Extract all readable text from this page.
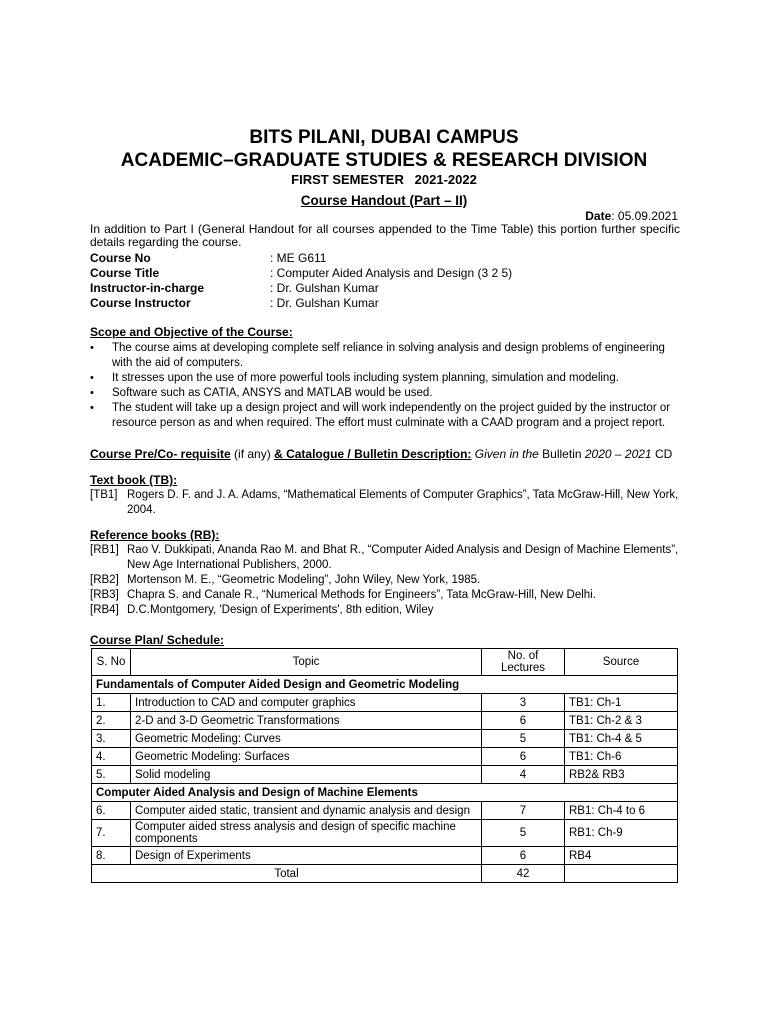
BITS PILANI, DUBAI CAMPUS
ACADEMIC–GRADUATE STUDIES & RESEARCH DIVISION
FIRST SEMESTER   2021-2022
Course Handout (Part – II)
Date: 05.09.2021
In addition to Part I (General Handout for all courses appended to the Time Table) this portion further specific details regarding the course.
Course No	: ME G611
Course Title	: Computer Aided Analysis and Design (3 2 5)
Instructor-in-charge	: Dr. Gulshan Kumar
Course Instructor	: Dr. Gulshan Kumar
Scope and Objective of the Course:
• The course aims at developing complete self reliance in solving analysis and design problems of engineering with the aid of computers.
• It stresses upon the use of more powerful tools including system planning, simulation and modeling.
• Software such as CATIA, ANSYS and MATLAB would be used.
• The student will take up a design project and will work independently on the project guided by the instructor or resource person as and when required. The effort must culminate with a CAAD program and a project report.
Course Pre/Co- requisite (if any) & Catalogue / Bulletin Description: Given in the Bulletin 2020 – 2021 CD
Text book (TB):
[TB1] Rogers D. F. and J. A. Adams, “Mathematical Elements of Computer Graphics”, Tata McGraw-Hill, New York, 2004.
Reference books (RB):
[RB1] Rao V. Dukkipati, Ananda Rao M. and Bhat R., “Computer Aided Analysis and Design of Machine Elements”, New Age International Publishers, 2000.
[RB2] Mortenson M. E., “Geometric Modeling”, John Wiley, New York, 1985.
[RB3] Chapra S. and Canale R., “Numerical Methods for Engineers”, Tata McGraw-Hill, New Delhi.
[RB4] D.C.Montgomery, 'Design of Experiments', 8th edition, Wiley
Course Plan/ Schedule:
S. No	Topic	No. of Lectures	Source
Fundamentals of Computer Aided Design and Geometric Modeling			
1.	Introduction to CAD and computer graphics	3	TB1: Ch-1
2.	2-D and 3-D Geometric Transformations	6	TB1: Ch-2 & 3
3.	Geometric Modeling: Curves	5	TB1: Ch-4 & 5
4.	Geometric Modeling: Surfaces	6	TB1: Ch-6
5.	Solid modeling	4	RB2& RB3
Computer Aided Analysis and Design of Machine Elements			
6.	Computer aided static, transient and dynamic analysis and design	7	RB1: Ch-4 to 6
7.	Computer aided stress analysis and design of specific machine components	5	RB1: Ch-9
8.	Design of Experiments	6	RB4
Total		42	
